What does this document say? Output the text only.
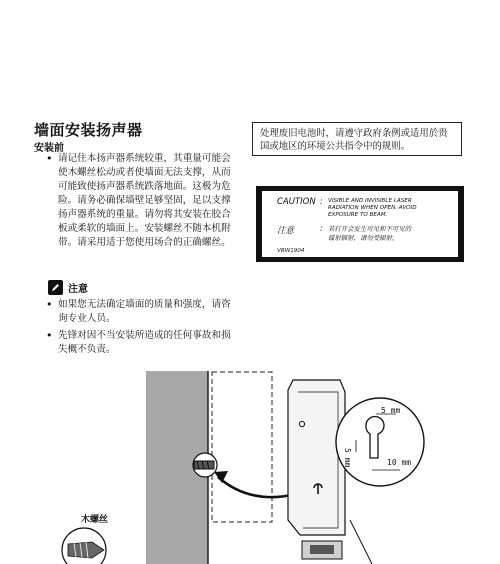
墙面安装扬声器
安装前
• 请记住本扬声器系统较重，其重量可能会使木螺丝松动或者使墙面无法支撑，从而可能致使扬声器系统跌落地面。这极为危险。请务必确保墙壁足够坚固，足以支撑扬声器系统的重量。请勿将其安装在胶合板或柔软的墙面上。安装螺丝不随本机附带。请采用适于您使用场合的正确螺丝。
处理废旧电池时，请遵守政府条例或适用於贵国或地区的环境公共指令中的规则。
CAUTION : VISIBLE AND INVISIBLE LASER
RADIATION WHEN OPEN. AVOID
EXPOSURE TO BEAM.
注意	: 若打开会发生可见和不可见的
镭射辐射，请勿受辐射。
VRW1904
注意
• 如果您无法确定墙面的质量和强度，请咨询专业人员。
• 先锋对因不当安装所造成的任何事故和损失概不负责。
木螺丝
5 mm
5 mm	10 mm
